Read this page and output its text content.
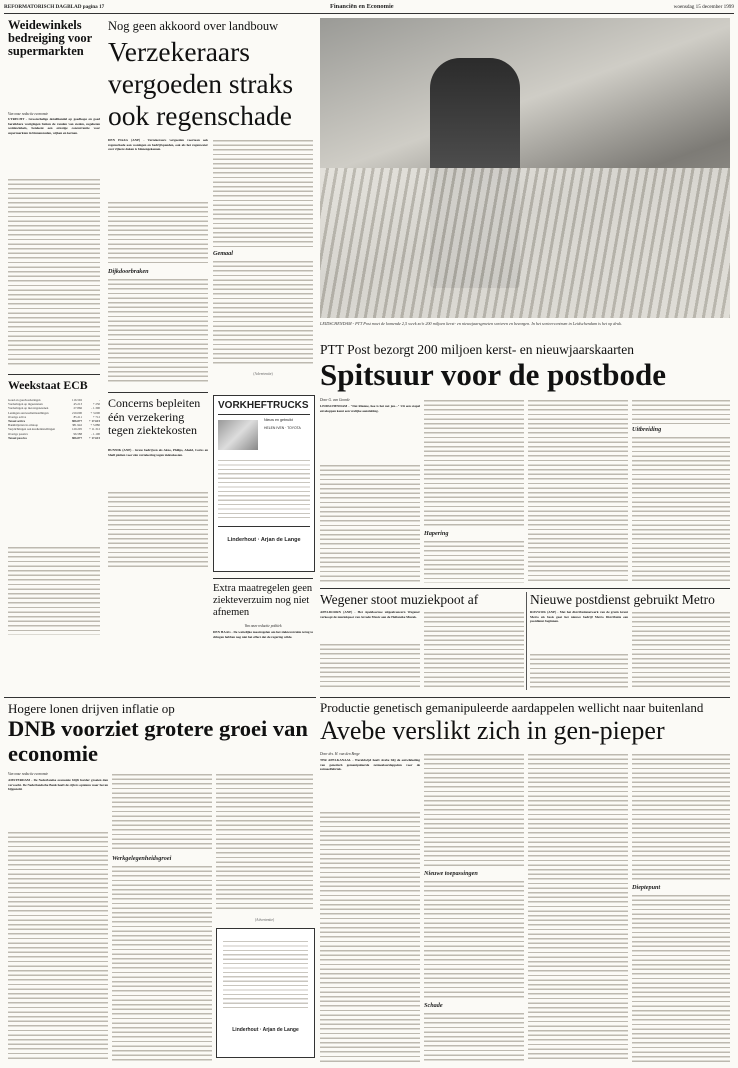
REFORMATORISCH DAGBLAD pagina 17	Financiën en Economie	woensdag 15 december 1999
Weidewinkels bedreiging voor supermarkten
Van onze redactie economie
UTRECHT - Grootschalige detailhandel op goedkope en goed bereikbare vestigingen buiten de randen van steden, zogeheten weidewinkels, betekent een ernstige concurrentie voor supermarkten in binnensteden, wijken en kernen.
Weekstaat ECB
Goud en goudvorderingen	116.592	-
Vorderingen op ingezetenen	45.213	+ 250
Vorderingen op niet-ingezetenen	27.866	- 1.390
Leningen aan kredietinstellingen	219.000	+ 3.000
Overige activa	85.211	+ 712
Totaal activa	806.877	+ 17.615
Bankbiljetten in omloop	381.942	+ 5.880
Verplichtingen aan kredietinstellingen	129.205	+ 11.312
Overige passiva	96.588	- 1.100
Totaal passiva	806.877	+ 17.615
Nog geen akkoord over landbouw
Verzekeraars vergoeden straks ook regenschade
DEN HAAG (ANP) - Verzekeraars vergoeden voortaan ook regenschade aan woningen en bedrijfspanden, ook als het regenwater over rijkere daken is binnengekomen.
Dijkdoorbraken
Gemaal
(Advertentie)
Concerns bepleiten één verzekering tegen ziektekosten
BUNNIK (ANP) - Grote bedrijven als Akzo, Philips, Ahold, Corus en Shell pleiten voor één verzekering tegen ziektekosten.
VORKHEFTRUCKS
Nieuw en gebruikt
HELEN IVEN · TOYOTA
Linderhout · Arjan de Lange
Extra maatregelen geen ziekteverzuim nog niet afnemen
Van onze redactie politiek
DEN HAAG - De wettelijke maatregelen om het ziekteverzuim terug te dringen hebben nog niet het effect dat de regering wilde.
LEIDSCHENDAM - PTT Post moet de komende 2,5 week zo'n 200 miljoen kerst- en nieuwjaarsgroeten sorteren en bezorgen. In het sorteercentrum in Leidschendam is het op druk.
PTT Post bezorgt 200 miljoen kerst- en nieuwjaarskaarten
Spitsuur voor de postbode
Door G. van Goorde
LEIDSCHENDAM - "Dat Rianne, hoe is het net jou..." Uit een stapel enveloppen komt een vrolijke aansluiting.
Hapering
Uitbreiding
Wegener stoot muziekpoot af
APELDOORN (ANP) - Het Apeldoornse uitgeefconcern Wegener verkoopt de muziekpoot van Arcade Music aan de Hollandse Muzak.
Nieuwe postdienst gebruikt Metro
RIJSWIJK (ANP) - Met het distributienetwerk van de gratis krant Metro als basis gaat het nieuwe bedrijf Metro Distributie een postdienst beginnen.
Hogere lonen drijven inflatie op
DNB voorziet grotere groei van economie
Van onze redactie economie
AMSTERDAM - De Nederlandse economie blijft harder groeien dan verwacht. De Nederlandsche Bank heeft de cijfers opnieuw naar boven bijgesteld.
Werkgelegenheidsgroei
(Advertentie)
Linderhout · Arjan de Lange
Productie genetisch gemanipuleerde aardappelen wellicht naar buitenland
Avebe verslikt zich in gen-pieper
Door drs. H. van den Berge
TER APELKANAAL - Wereldwijd heeft Avebe blij de ontwikkeling van genetisch gemanipuleerde zetmeelaardappelen voor de zetmeelfabriek.
Nieuwe toepassingen
Schade
Dieptepunt
